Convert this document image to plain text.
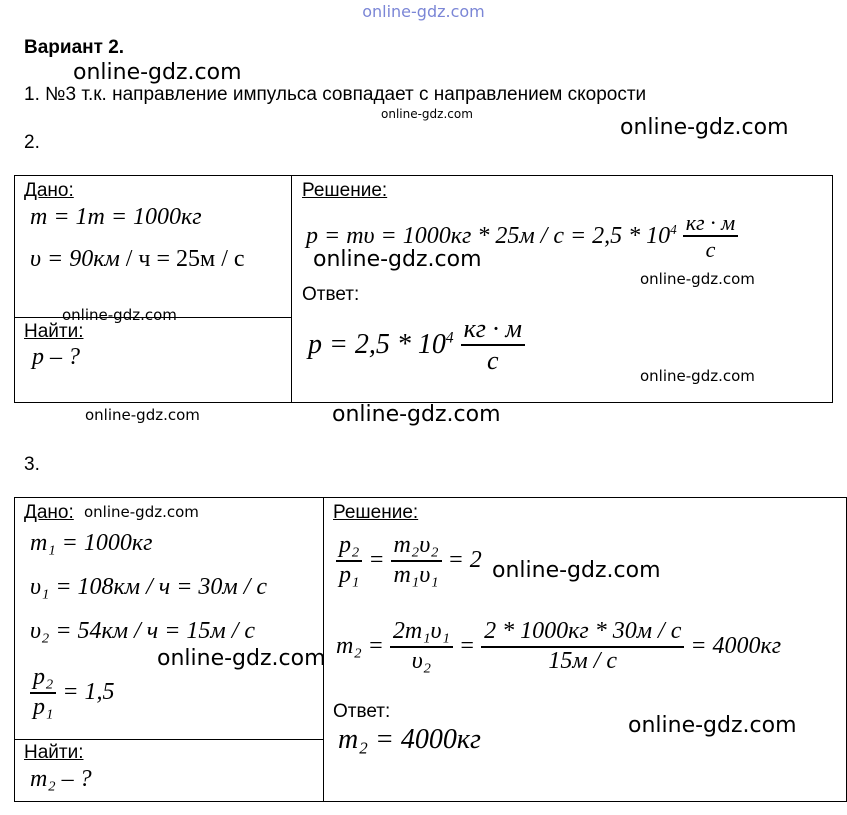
online-gdz.com
Вариант 2.
online-gdz.com
1. №3 т.к. направление импульса совпадает с направлением скорости
online-gdz.com
2.
online-gdz.com
Дано:
m = 1т = 1000кг
υ = 90км / ч = 25м / с
online-gdz.com
Найти:
p – ?
Решение:
$p = m\upsilon = 1000кг * 25м / с = 2,5 * 10^4 \frac{кг \cdot м}{с}$
online-gdz.com
online-gdz.com
Ответ:
$p = 2,5 * 10^4 \frac{кг \cdot м}{с}$
online-gdz.com
online-gdz.com	online-gdz.com
3.
Дано: online-gdz.com
m₁ = 1000кг
υ₁ = 108км / ч = 30м / с
υ₂ = 54км / ч = 15м / с
online-gdz.com
$\frac{\text{p₂}}{\text{p₁}} = 1,5$
Найти:
m₂ – ?
Решение:
$\frac{\text{p₂}}{\text{p₁}} = \frac{\text{m₂υ₂}}{\text{m₁υ₁}} = 2$ online-gdz.com
$m_2 = \frac{\text{2m₁υ₁}}{\text{υ₂}} = \frac{2 * 1000кг * 30м / с}{15м / с} = 4000кг$
Ответ:
m₂ = 4000кг	online-gdz.com
